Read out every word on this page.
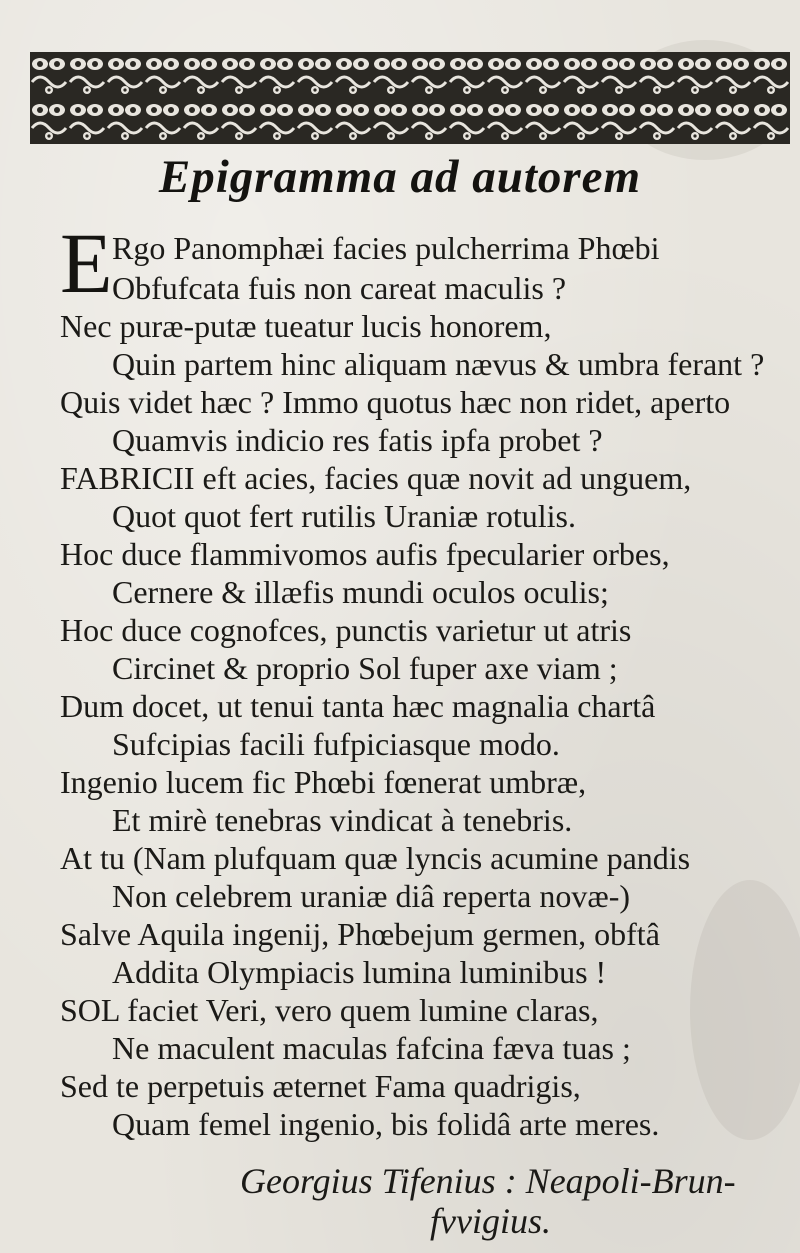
Epigramma ad autorem
E Rgo Panomphæi facies pulcherrima Phœbi
Obfufcata fuis non careat maculis ?
Nec puræ-putæ tueatur lucis honorem,
Quin partem hinc aliquam nævus & umbra ferant ?
Quis videt hæc ? Immo quotus hæc non ridet, aperto
Quamvis indicio res fatis ipfa probet ?
FABRICII eft acies, facies quæ novit ad unguem,
Quot quot fert rutilis Uraniæ rotulis.
Hoc duce flammivomos aufis fpecularier orbes,
Cernere & illæfis mundi oculos oculis;
Hoc duce cognofces, punctis varietur ut atris
Circinet & proprio Sol fuper axe viam ;
Dum docet, ut tenui tanta hæc magnalia chartâ
Sufcipias facili fufpiciasque modo.
Ingenio lucem fic Phœbi fœnerat umbræ,
Et mirè tenebras vindicat à tenebris.
At tu (Nam plufquam quæ lyncis acumine pandis
Non celebrem uraniæ diâ reperta novæ-)
Salve Aquila ingenij, Phœbejum germen, obftâ
Addita Olympiacis lumina luminibus !
SOL faciet Veri, vero quem lumine claras,
Ne maculent maculas fafcina fæva tuas ;
Sed te perpetuis æternet Fama quadrigis,
Quam femel ingenio, bis folidâ arte meres.
Georgius Tifenius : Neapoli-Brun-
fvvigius.
